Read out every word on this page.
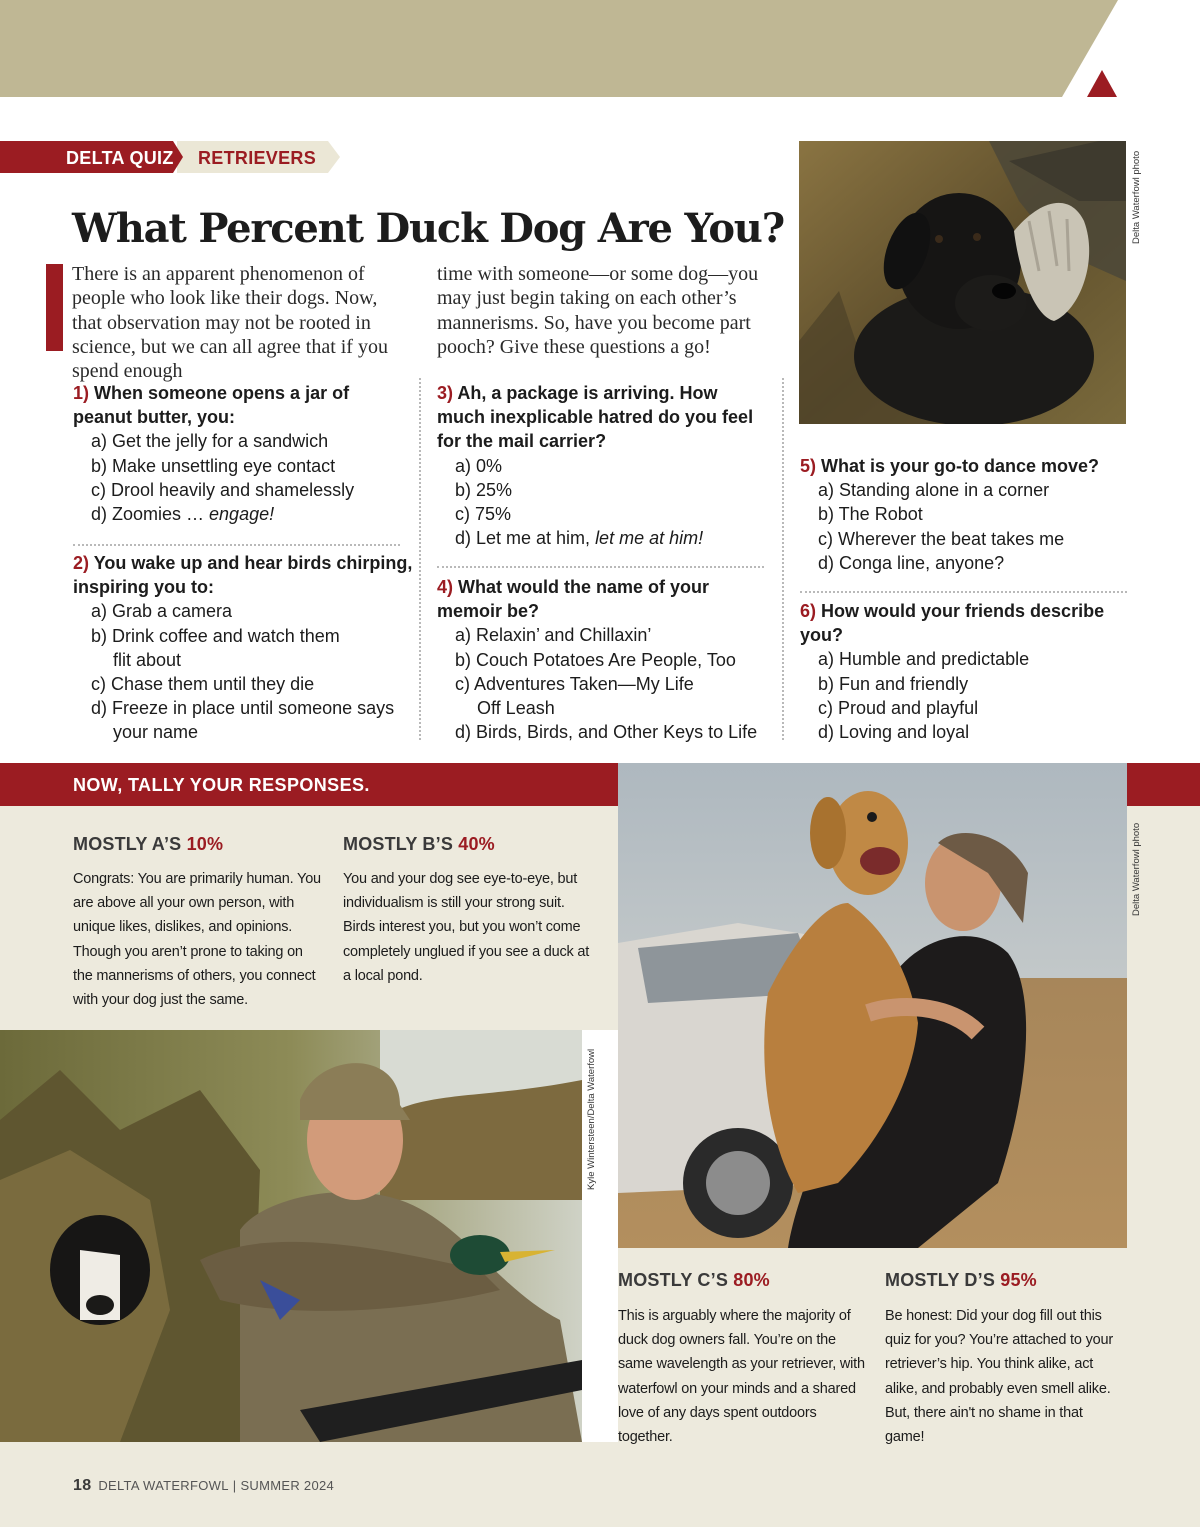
DELTA QUIZ RETRIEVERS
What Percent Duck Dog Are You?

There is an apparent phenomenon of people who look like their dogs. Now, that observation may not be rooted in science, but we can all agree that if you spend enough

time with someone—or some dog—you may just begin taking on each other’s mannerisms. So, have you become part pooch? Give these questions a go!

Delta Waterfowl photo
1) When someone opens a jar of peanut butter, you:
a) Get the jelly for a sandwich
b) Make unsettling eye contact
c) Drool heavily and shamelessly
d) Zoomies … engage!
2) You wake up and hear birds chirping, inspiring you to:
a) Grab a camera
b) Drink coffee and watch them
flit about
c) Chase them until they die
d) Freeze in place until someone says
your name
3) Ah, a package is arriving. How much inexplicable hatred do you feel for the mail carrier?
a) 0%
b) 25%
c) 75%
d) Let me at him, let me at him!
4) What would the name of your memoir be?
a) Relaxin’ and Chillaxin’
b) Couch Potatoes Are People, Too
c) Adventures Taken—My Life
Off Leash
d) Birds, Birds, and Other Keys to Life
5) What is your go-to dance move?
a) Standing alone in a corner
b) The Robot
c) Wherever the beat takes me
d) Conga line, anyone?
6) How would your friends describe you?
a) Humble and predictable
b) Fun and friendly
c) Proud and playful
d) Loving and loyal
NOW, TALLY YOUR RESPONSES.
MOSTLY A’S 10%

Congrats: You are primarily human. You are above all your own person, with unique likes, dislikes, and opinions. Though you aren’t prone to taking on the mannerisms of others, you connect with your dog just the same.

MOSTLY B’S 40%

You and your dog see eye-to-eye, but individualism is still your strong suit. Birds interest you, but you won’t come completely unglued if you see a duck at a local pond.

Delta Waterfowl photo
Kyle Wintersteen/Delta Waterfowl
MOSTLY C’S 80%

This is arguably where the majority of duck dog owners fall. You’re on the same wavelength as your retriever, with waterfowl on your minds and a shared love of any days spent outdoors together.

MOSTLY D’S 95%

Be honest: Did your dog fill out this quiz for you? You’re attached to your retriever’s hip. You think alike, act alike, and probably even smell alike. But, there ain't no shame in that game!

18 DELTA WATERFOWL | SUMMER 2024
